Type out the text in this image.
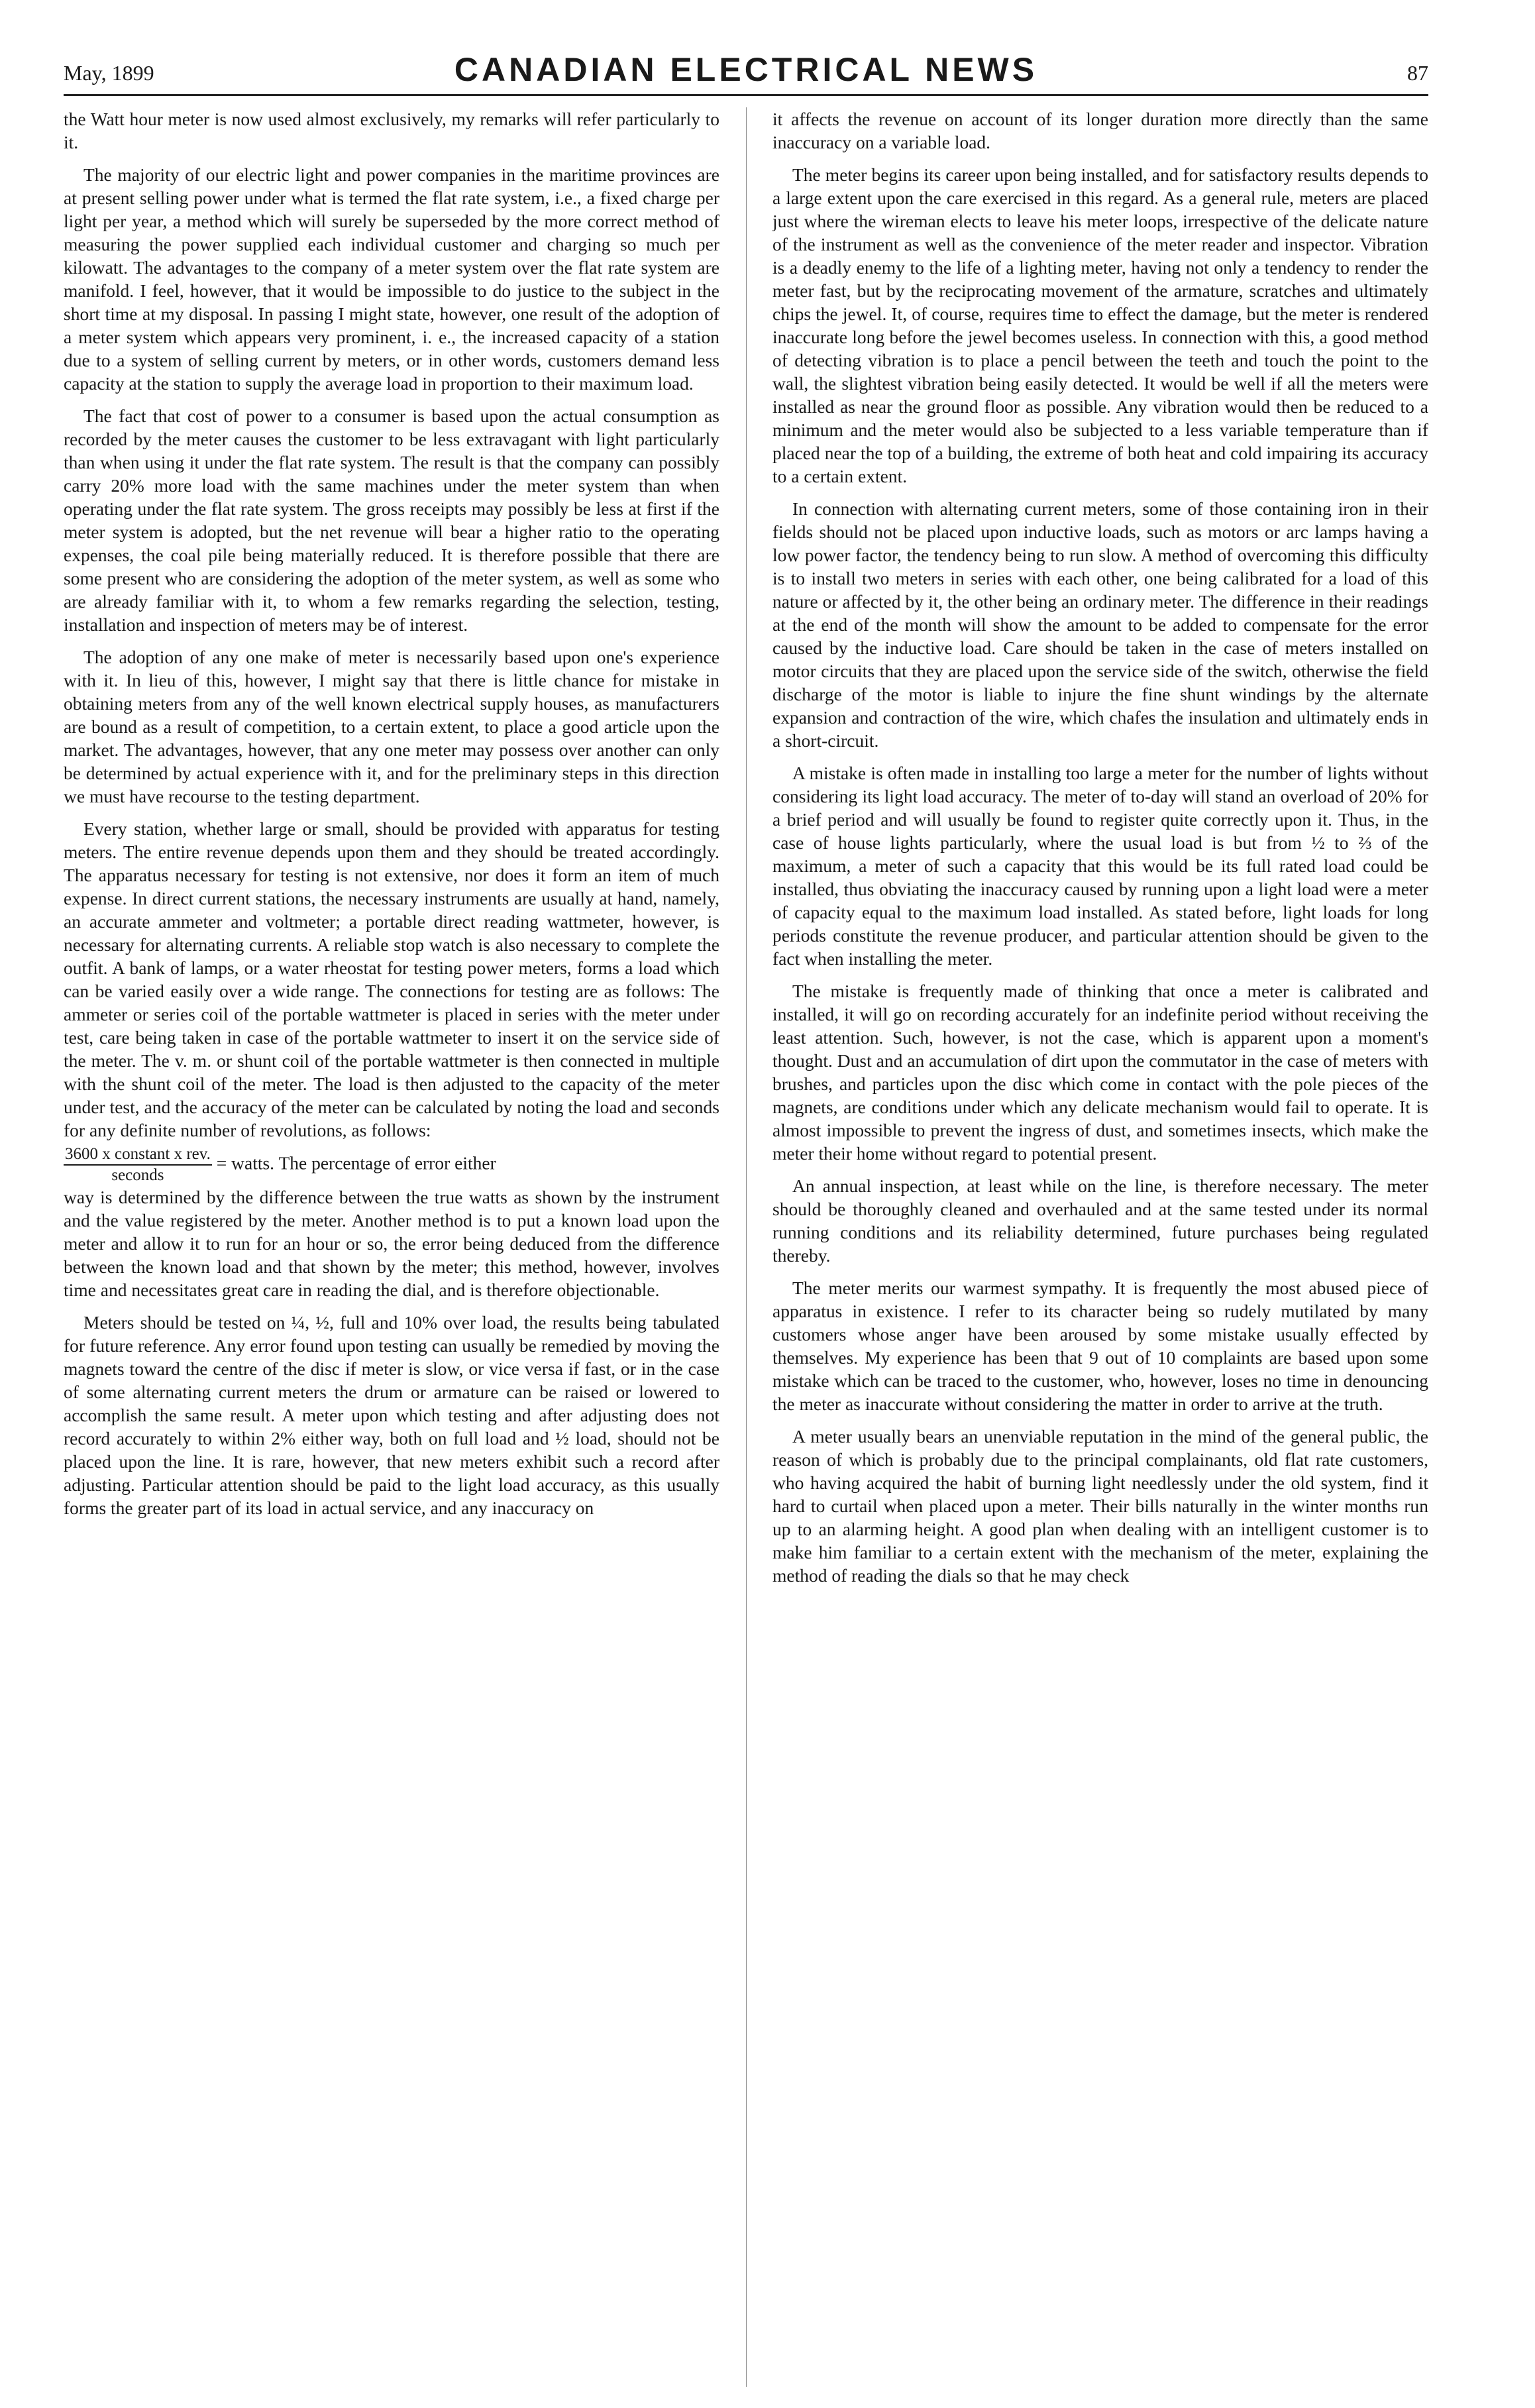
May, 1899	CANADIAN ELECTRICAL NEWS	87

the Watt hour meter is now used almost exclusively, my remarks will refer particularly to it.

The majority of our electric light and power companies in the maritime provinces are at present selling power under what is termed the flat rate system, i.e., a fixed charge per light per year, a method which will surely be superseded by the more correct method of measuring the power supplied each individual customer and charging so much per kilowatt. The advantages to the company of a meter system over the flat rate system are manifold. I feel, however, that it would be impossible to do justice to the subject in the short time at my disposal. In passing I might state, however, one result of the adoption of a meter system which appears very prominent, i. e., the increased capacity of a station due to a system of selling current by meters, or in other words, customers demand less capacity at the station to supply the average load in proportion to their maximum load.

The fact that cost of power to a consumer is based upon the actual consumption as recorded by the meter causes the customer to be less extravagant with light particularly than when using it under the flat rate system. The result is that the company can possibly carry 20% more load with the same machines under the meter system than when operating under the flat rate system. The gross receipts may possibly be less at first if the meter system is adopted, but the net revenue will bear a higher ratio to the operating expenses, the coal pile being materially reduced. It is therefore possible that there are some present who are considering the adoption of the meter system, as well as some who are already familiar with it, to whom a few remarks regarding the selection, testing, installation and inspection of meters may be of interest.

The adoption of any one make of meter is necessarily based upon one's experience with it. In lieu of this, however, I might say that there is little chance for mistake in obtaining meters from any of the well known electrical supply houses, as manufacturers are bound as a result of competition, to a certain extent, to place a good article upon the market. The advantages, however, that any one meter may possess over another can only be determined by actual experience with it, and for the preliminary steps in this direction we must have recourse to the testing department.

Every station, whether large or small, should be provided with apparatus for testing meters. The entire revenue depends upon them and they should be treated accordingly. The apparatus necessary for testing is not extensive, nor does it form an item of much expense. In direct current stations, the necessary instruments are usually at hand, namely, an accurate ammeter and voltmeter; a portable direct reading wattmeter, however, is necessary for alternating currents. A reliable stop watch is also necessary to complete the outfit. A bank of lamps, or a water rheostat for testing power meters, forms a load which can be varied easily over a wide range. The connections for testing are as follows: The ammeter or series coil of the portable wattmeter is placed in series with the meter under test, care being taken in case of the portable wattmeter to insert it on the service side of the meter. The v. m. or shunt coil of the portable wattmeter is then connected in multiple with the shunt coil of the meter. The load is then adjusted to the capacity of the meter under test, and the accuracy of the meter can be calculated by noting the load and seconds for any definite number of revolutions, as follows:

$\frac{\text{3600 x constant x rev.}}{\text{seconds}}$ = watts. The percentage of error either

way is determined by the difference between the true watts as shown by the instrument and the value registered by the meter. Another method is to put a known load upon the meter and allow it to run for an hour or so, the error being deduced from the difference between the known load and that shown by the meter; this method, however, involves time and necessitates great care in reading the dial, and is therefore objectionable.

Meters should be tested on ¼, ½, full and 10% over load, the results being tabulated for future reference. Any error found upon testing can usually be remedied by moving the magnets toward the centre of the disc if meter is slow, or vice versa if fast, or in the case of some alternating current meters the drum or armature can be raised or lowered to accomplish the same result. A meter upon which testing and after adjusting does not record accurately to within 2% either way, both on full load and ½ load, should not be placed upon the line. It is rare, however, that new meters exhibit such a record after adjusting. Particular attention should be paid to the light load accuracy, as this usually forms the greater part of its load in actual service, and any inaccuracy on

it affects the revenue on account of its longer duration more directly than the same inaccuracy on a variable load.

The meter begins its career upon being installed, and for satisfactory results depends to a large extent upon the care exercised in this regard. As a general rule, meters are placed just where the wireman elects to leave his meter loops, irrespective of the delicate nature of the instrument as well as the convenience of the meter reader and inspector. Vibration is a deadly enemy to the life of a lighting meter, having not only a tendency to render the meter fast, but by the reciprocating movement of the armature, scratches and ultimately chips the jewel. It, of course, requires time to effect the damage, but the meter is rendered inaccurate long before the jewel becomes useless. In connection with this, a good method of detecting vibration is to place a pencil between the teeth and touch the point to the wall, the slightest vibration being easily detected. It would be well if all the meters were installed as near the ground floor as possible. Any vibration would then be reduced to a minimum and the meter would also be subjected to a less variable temperature than if placed near the top of a building, the extreme of both heat and cold impairing its accuracy to a certain extent.

In connection with alternating current meters, some of those containing iron in their fields should not be placed upon inductive loads, such as motors or arc lamps having a low power factor, the tendency being to run slow. A method of overcoming this difficulty is to install two meters in series with each other, one being calibrated for a load of this nature or affected by it, the other being an ordinary meter. The difference in their readings at the end of the month will show the amount to be added to compensate for the error caused by the inductive load. Care should be taken in the case of meters installed on motor circuits that they are placed upon the service side of the switch, otherwise the field discharge of the motor is liable to injure the fine shunt windings by the alternate expansion and contraction of the wire, which chafes the insulation and ultimately ends in a short-circuit.

A mistake is often made in installing too large a meter for the number of lights without considering its light load accuracy. The meter of to-day will stand an overload of 20% for a brief period and will usually be found to register quite correctly upon it. Thus, in the case of house lights particularly, where the usual load is but from ½ to ⅔ of the maximum, a meter of such a capacity that this would be its full rated load could be installed, thus obviating the inaccuracy caused by running upon a light load were a meter of capacity equal to the maximum load installed. As stated before, light loads for long periods constitute the revenue producer, and particular attention should be given to the fact when installing the meter.

The mistake is frequently made of thinking that once a meter is calibrated and installed, it will go on recording accurately for an indefinite period without receiving the least attention. Such, however, is not the case, which is apparent upon a moment's thought. Dust and an accumulation of dirt upon the commutator in the case of meters with brushes, and particles upon the disc which come in contact with the pole pieces of the magnets, are conditions under which any delicate mechanism would fail to operate. It is almost impossible to prevent the ingress of dust, and sometimes insects, which make the meter their home without regard to potential present.

An annual inspection, at least while on the line, is therefore necessary. The meter should be thoroughly cleaned and overhauled and at the same tested under its normal running conditions and its reliability determined, future purchases being regulated thereby.

The meter merits our warmest sympathy. It is frequently the most abused piece of apparatus in existence. I refer to its character being so rudely mutilated by many customers whose anger have been aroused by some mistake usually effected by themselves. My experience has been that 9 out of 10 complaints are based upon some mistake which can be traced to the customer, who, however, loses no time in denouncing the meter as inaccurate without considering the matter in order to arrive at the truth.

A meter usually bears an unenviable reputation in the mind of the general public, the reason of which is probably due to the principal complainants, old flat rate customers, who having acquired the habit of burning light needlessly under the old system, find it hard to curtail when placed upon a meter. Their bills naturally in the winter months run up to an alarming height. A good plan when dealing with an intelligent customer is to make him familiar to a certain extent with the mechanism of the meter, explaining the method of reading the dials so that he may check
